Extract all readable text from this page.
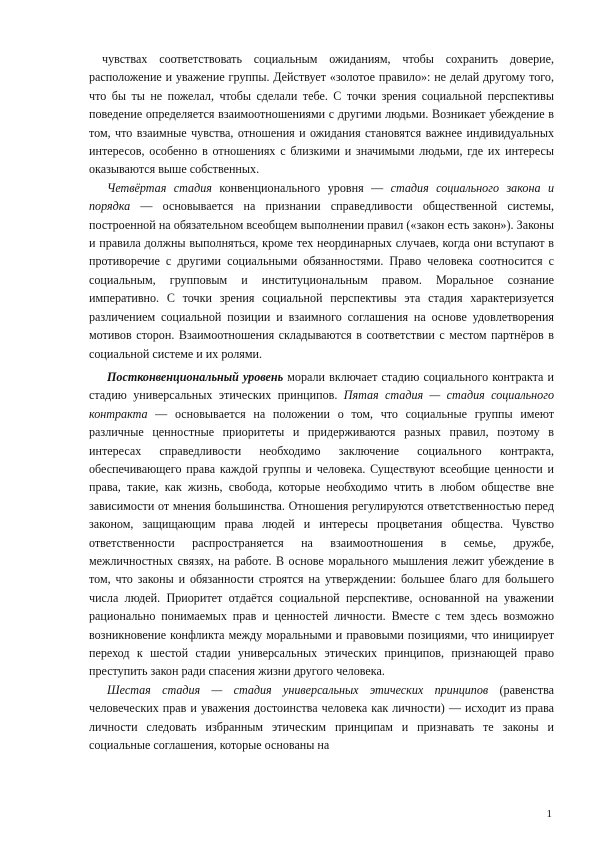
чувствах соответствовать социальным ожиданиям, чтобы сохранить доверие, расположение и уважение группы. Действует «золотое правило»: не делай другому того, что бы ты не пожелал, чтобы сделали тебе. С точки зрения социальной перспективы поведение определяется взаимоотношениями с другими людьми. Возникает убеждение в том, что взаимные чувства, отношения и ожидания становятся важнее индивидуальных интересов, особенно в отношениях с близкими и значимыми людьми, где их интересы оказываются выше собственных.

Четвёртая стадия конвенционального уровня — стадия социального закона и порядка — основывается на признании справедливости общественной системы, построенной на обязательном всеобщем выполнении правил («закон есть закон»). Законы и правила должны выполняться, кроме тех неординарных случаев, когда они вступают в противоречие с другими социальными обязанностями. Право человека соотносится с социальным, групповым и институциональным правом. Моральное сознание императивно. С точки зрения социальной перспективы эта стадия характеризуется различением социальной позиции и взаимного соглашения на основе удовлетворения мотивов сторон. Взаимоотношения складываются в соответствии с местом партнёров в социальной системе и их ролями.

Постконвенциональный уровень морали включает стадию социального контракта и стадию универсальных этических принципов. Пятая стадия — стадия социального контракта — основывается на положении о том, что социальные группы имеют различные ценностные приоритеты и придерживаются разных правил, поэтому в интересах справедливости необходимо заключение социального контракта, обеспечивающего права каждой группы и человека. Существуют всеобщие ценности и права, такие, как жизнь, свобода, которые необходимо чтить в любом обществе вне зависимости от мнения большинства. Отношения регулируются ответственностью перед законом, защищающим права людей и интересы процветания общества. Чувство ответственности распространяется на взаимоотношения в семье, дружбе, межличностных связях, на работе. В основе морального мышления лежит убеждение в том, что законы и обязанности строятся на утверждении: большее благо для большего числа людей. Приоритет отдаётся социальной перспективе, основанной на уважении рационально понимаемых прав и ценностей личности. Вместе с тем здесь возможно возникновение конфликта между моральными и правовыми позициями, что инициирует переход к шестой стадии универсальных этических принципов, признающей право преступить закон ради спасения жизни другого человека.

Шестая стадия — стадия универсальных этических принципов (равенства человеческих прав и уважения достоинства человека как личности) — исходит из права личности следовать избранным этическим принципам и признавать те законы и социальные соглашения, которые основаны на

1
